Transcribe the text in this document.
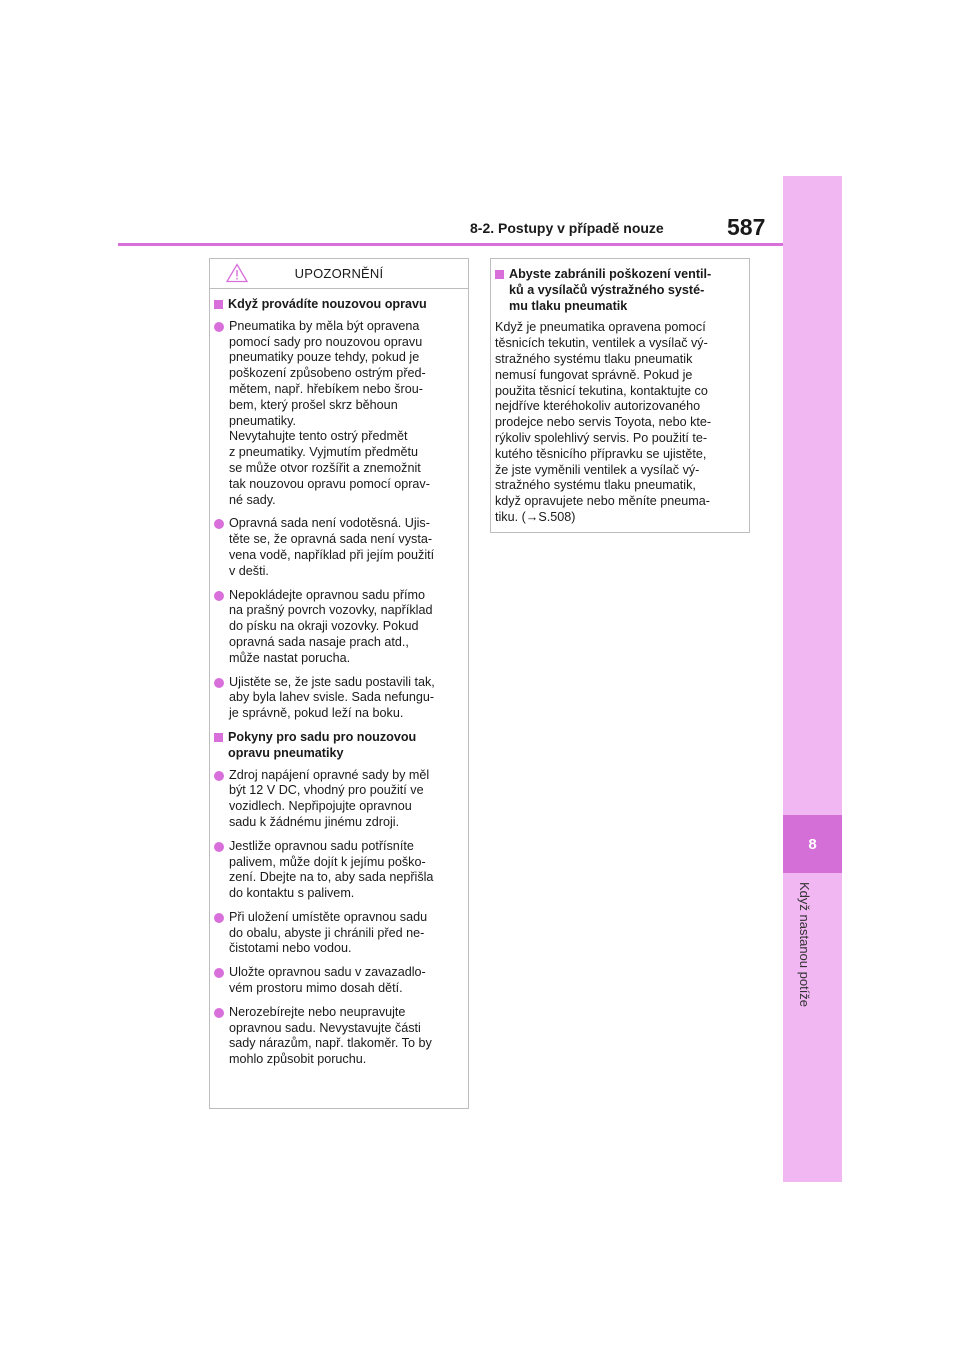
8
Když nastanou potíže
8-2. Postupy v případě nouze	587
UPOZORNĚNÍ
Když provádíte nouzovou opravu
Pneumatika by měla být opravena
pomocí sady pro nouzovou opravu
pneumatiky pouze tehdy, pokud je
poškození způsobeno ostrým před-
mětem, např. hřebíkem nebo šrou-
bem, který prošel skrz běhoun
pneumatiky.
Nevytahujte tento ostrý předmět
z pneumatiky. Vyjmutím předmětu
se může otvor rozšířit a znemožnit
tak nouzovou opravu pomocí oprav-
né sady.
Opravná sada není vodotěsná. Ujis-
těte se, že opravná sada není vysta-
vena vodě, například při jejím použití
v dešti.
Nepokládejte opravnou sadu přímo
na prašný povrch vozovky, například
do písku na okraji vozovky. Pokud
opravná sada nasaje prach atd.,
může nastat porucha.
Ujistěte se, že jste sadu postavili tak,
aby byla lahev svisle. Sada nefungu-
je správně, pokud leží na boku.
Pokyny pro sadu pro nouzovou
opravu pneumatiky
Zdroj napájení opravné sady by měl
být 12 V DC, vhodný pro použití ve
vozidlech. Nepřipojujte opravnou
sadu k žádnému jinému zdroji.
Jestliže opravnou sadu potřísníte
palivem, může dojít k jejímu poško-
zení. Dbejte na to, aby sada nepřišla
do kontaktu s palivem.
Při uložení umístěte opravnou sadu
do obalu, abyste ji chránili před ne-
čistotami nebo vodou.
Uložte opravnou sadu v zavazadlo-
vém prostoru mimo dosah dětí.
Nerozebírejte nebo neupravujte
opravnou sadu. Nevystavujte části
sady nárazům, např. tlakoměr. To by
mohlo způsobit poruchu.
Abyste zabránili poškození ventil-
ků a vysílačů výstražného systé-
mu tlaku pneumatik
Když je pneumatika opravena pomocí
těsnicích tekutin, ventilek a vysílač vý-
stražného systému tlaku pneumatik
nemusí fungovat správně. Pokud je
použita těsnicí tekutina, kontaktujte co
nejdříve kteréhokoliv autorizovaného
prodejce nebo servis Toyota, nebo kte-
rýkoliv spolehlivý servis. Po použití te-
kutého těsnicího přípravku se ujistěte,
že jste vyměnili ventilek a vysílač vý-
stražného systému tlaku pneumatik,
když opravujete nebo měníte pneuma-
tiku. (→S.508)
